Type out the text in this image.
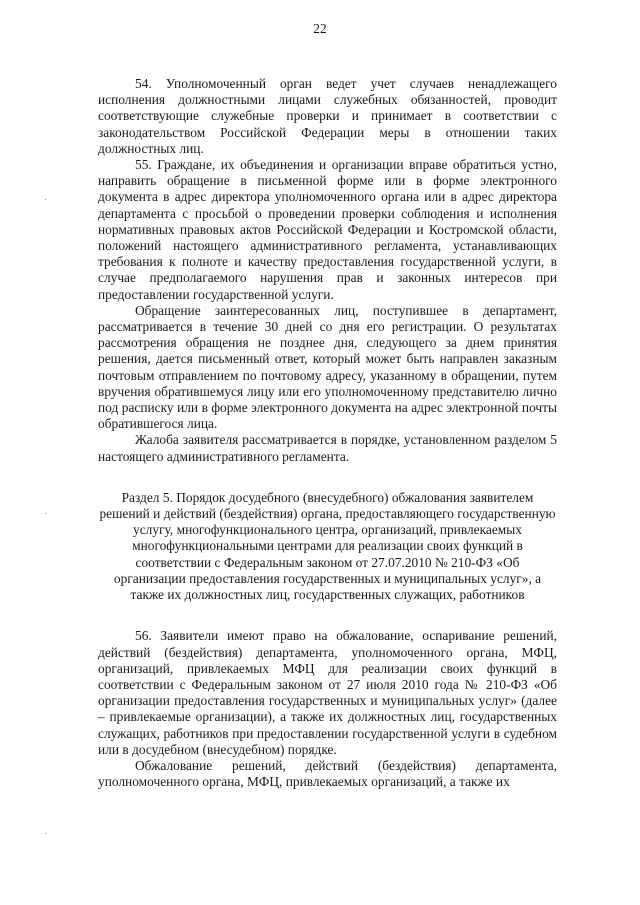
22

54. Уполномоченный орган ведет учет случаев ненадлежащего исполнения должностными лицами служебных обязанностей, проводит соответствующие служебные проверки и принимает в соответствии с законодательством Российской Федерации меры в отношении таких должностных лиц.

55. Граждане, их объединения и организации вправе обратиться устно, направить обращение в письменной форме или в форме электронного документа в адрес директора уполномоченного органа или в адрес директора департамента с просьбой о проведении проверки соблюдения и исполнения нормативных правовых актов Российской Федерации и Костромской области, положений настоящего административного регламента, устанавливающих требования к полноте и качеству предоставления государственной услуги, в случае предполагаемого нарушения прав и законных интересов при предоставлении государственной услуги.

Обращение заинтересованных лиц, поступившее в департамент, рассматривается в течение 30 дней со дня его регистрации. О результатах рассмотрения обращения не позднее дня, следующего за днем принятия решения, дается письменный ответ, который может быть направлен заказным почтовым отправлением по почтовому адресу, указанному в обращении, путем вручения обратившемуся лицу или его уполномоченному представителю лично под расписку или в форме электронного документа на адрес электронной почты обратившегося лица.

Жалоба заявителя рассматривается в порядке, установленном разделом 5 настоящего административного регламента.

Раздел 5. Порядок досудебного (внесудебного) обжалования заявителем решений и действий (бездействия) органа, предоставляющего государственную услугу, многофункционального центра, организаций, привлекаемых многофункциональными центрами для реализации своих функций в соответствии с Федеральным законом от 27.07.2010 № 210-ФЗ «Об организации предоставления государственных и муниципальных услуг», а также их должностных лиц, государственных служащих, работников

56. Заявители имеют право на обжалование, оспаривание решений, действий (бездействия) департамента, уполномоченного органа, МФЦ, организаций, привлекаемых МФЦ для реализации своих функций в соответствии с Федеральным законом от 27 июля 2010 года № 210-ФЗ «Об организации предоставления государственных и муниципальных услуг» (далее – привлекаемые организации), а также их должностных лиц, государственных служащих, работников при предоставлении государственной услуги в судебном или в досудебном (внесудебном) порядке.

Обжалование решений, действий (бездействия) департамента, уполномоченного органа, МФЦ, привлекаемых организаций, а также их

·
·
·
